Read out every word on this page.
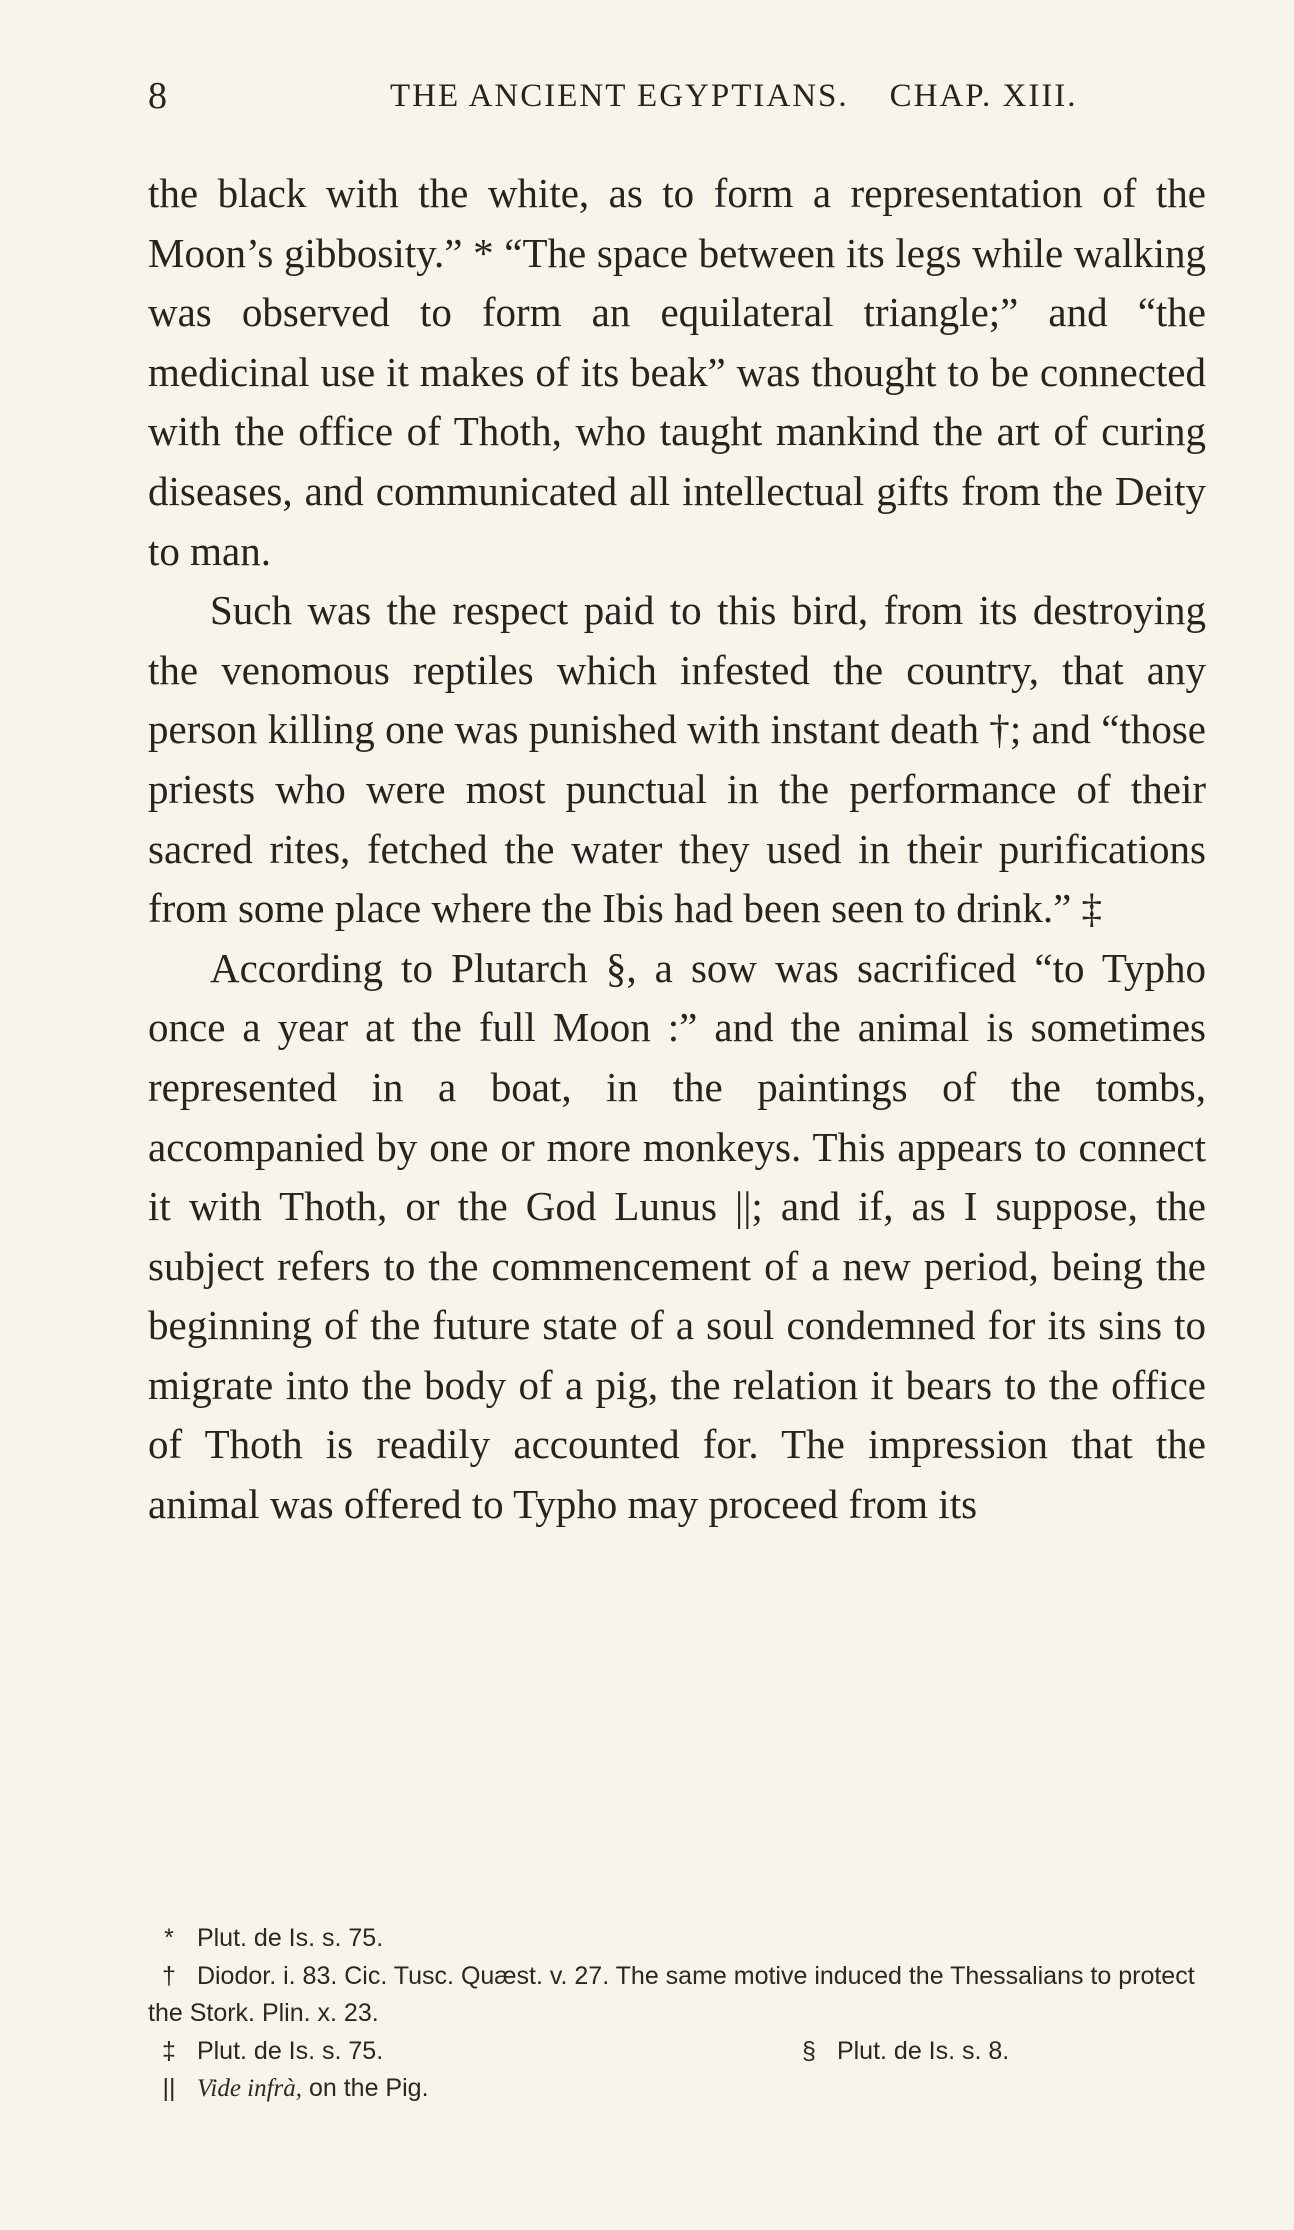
8	THE ANCIENT EGYPTIANS.    CHAP. XIII.

the black with the white, as to form a representation of the Moon’s gibbosity.” * “The space between its legs while walking was observed to form an equilateral triangle;” and “the medicinal use it makes of its beak” was thought to be connected with the office of Thoth, who taught mankind the art of curing diseases, and communicated all intellectual gifts from the Deity to man.

Such was the respect paid to this bird, from its destroying the venomous reptiles which infested the country, that any person killing one was punished with instant death †; and “those priests who were most punctual in the performance of their sacred rites, fetched the water they used in their purifications from some place where the Ibis had been seen to drink.” ‡

According to Plutarch §, a sow was sacrificed “to Typho once a year at the full Moon :” and the animal is sometimes represented in a boat, in the paintings of the tombs, accompanied by one or more monkeys. This appears to connect it with Thoth, or the God Lunus ||; and if, as I suppose, the subject refers to the commencement of a new period, being the beginning of the future state of a soul condemned for its sins to migrate into the body of a pig, the relation it bears to the office of Thoth is readily accounted for. The impression that the animal was offered to Typho may proceed from its

* Plut. de Is. s. 75.

† Diodor. i. 83. Cic. Tusc. Quæst. v. 27. The same motive induced the Thessalians to protect the Stork. Plin. x. 23.

‡ Plut. de Is. s. 75.	§ Plut. de Is. s. 8.

|| Vide infrà, on the Pig.
